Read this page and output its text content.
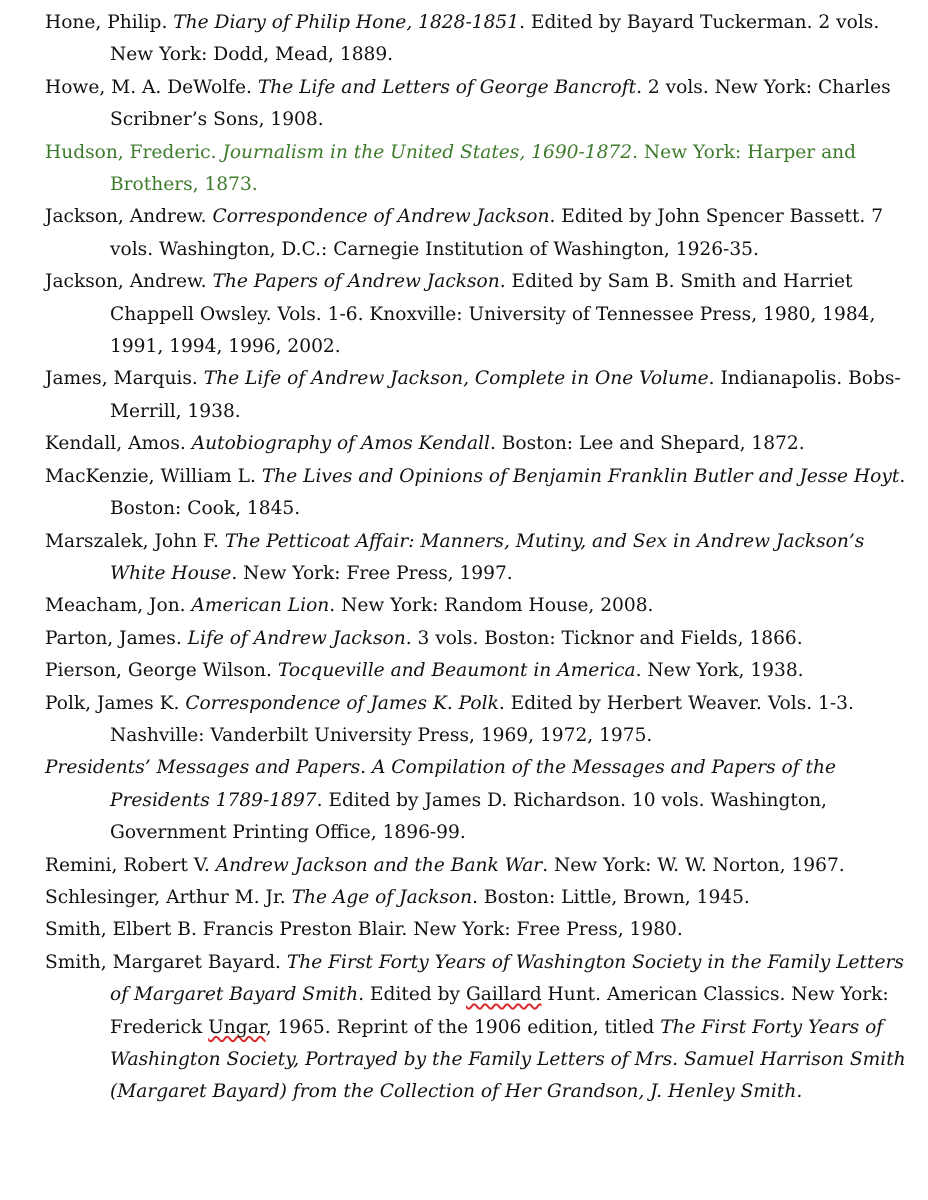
Hone, Philip. The Diary of Philip Hone, 1828-1851. Edited by Bayard Tuckerman. 2 vols. New York: Dodd, Mead, 1889.

Howe, M. A. DeWolfe. The Life and Letters of George Bancroft. 2 vols. New York: Charles Scribner’s Sons, 1908.

Hudson, Frederic. Journalism in the United States, 1690-1872. New York: Harper and Brothers, 1873.

Jackson, Andrew. Correspondence of Andrew Jackson. Edited by John Spencer Bassett. 7 vols. Washington, D.C.: Carnegie Institution of Washington, 1926-35.

Jackson, Andrew. The Papers of Andrew Jackson. Edited by Sam B. Smith and Harriet Chappell Owsley. Vols. 1-6. Knoxville: University of Tennessee Press, 1980, 1984, 1991, 1994, 1996, 2002.

James, Marquis. The Life of Andrew Jackson, Complete in One Volume. Indianapolis. Bobs-Merrill, 1938.

Kendall, Amos. Autobiography of Amos Kendall. Boston: Lee and Shepard, 1872.

MacKenzie, William L. The Lives and Opinions of Benjamin Franklin Butler and Jesse Hoyt. Boston: Cook, 1845.

Marszalek, John F. The Petticoat Affair: Manners, Mutiny, and Sex in Andrew Jackson’s White House. New York: Free Press, 1997.

Meacham, Jon. American Lion. New York: Random House, 2008.

Parton, James. Life of Andrew Jackson. 3 vols. Boston: Ticknor and Fields, 1866.

Pierson, George Wilson. Tocqueville and Beaumont in America. New York, 1938.

Polk, James K. Correspondence of James K. Polk. Edited by Herbert Weaver. Vols. 1-3. Nashville: Vanderbilt University Press, 1969, 1972, 1975.

Presidents’ Messages and Papers. A Compilation of the Messages and Papers of the Presidents 1789-1897. Edited by James D. Richardson. 10 vols. Washington, Government Printing Office, 1896-99.

Remini, Robert V. Andrew Jackson and the Bank War. New York: W. W. Norton, 1967.

Schlesinger, Arthur M. Jr. The Age of Jackson. Boston: Little, Brown, 1945.

Smith, Elbert B. Francis Preston Blair. New York: Free Press, 1980.

Smith, Margaret Bayard. The First Forty Years of Washington Society in the Family Letters of Margaret Bayard Smith. Edited by Gaillard Hunt. American Classics. New York: Frederick Ungar, 1965. Reprint of the 1906 edition, titled The First Forty Years of Washington Society, Portrayed by the Family Letters of Mrs. Samuel Harrison Smith (Margaret Bayard) from the Collection of Her Grandson, J. Henley Smith.
